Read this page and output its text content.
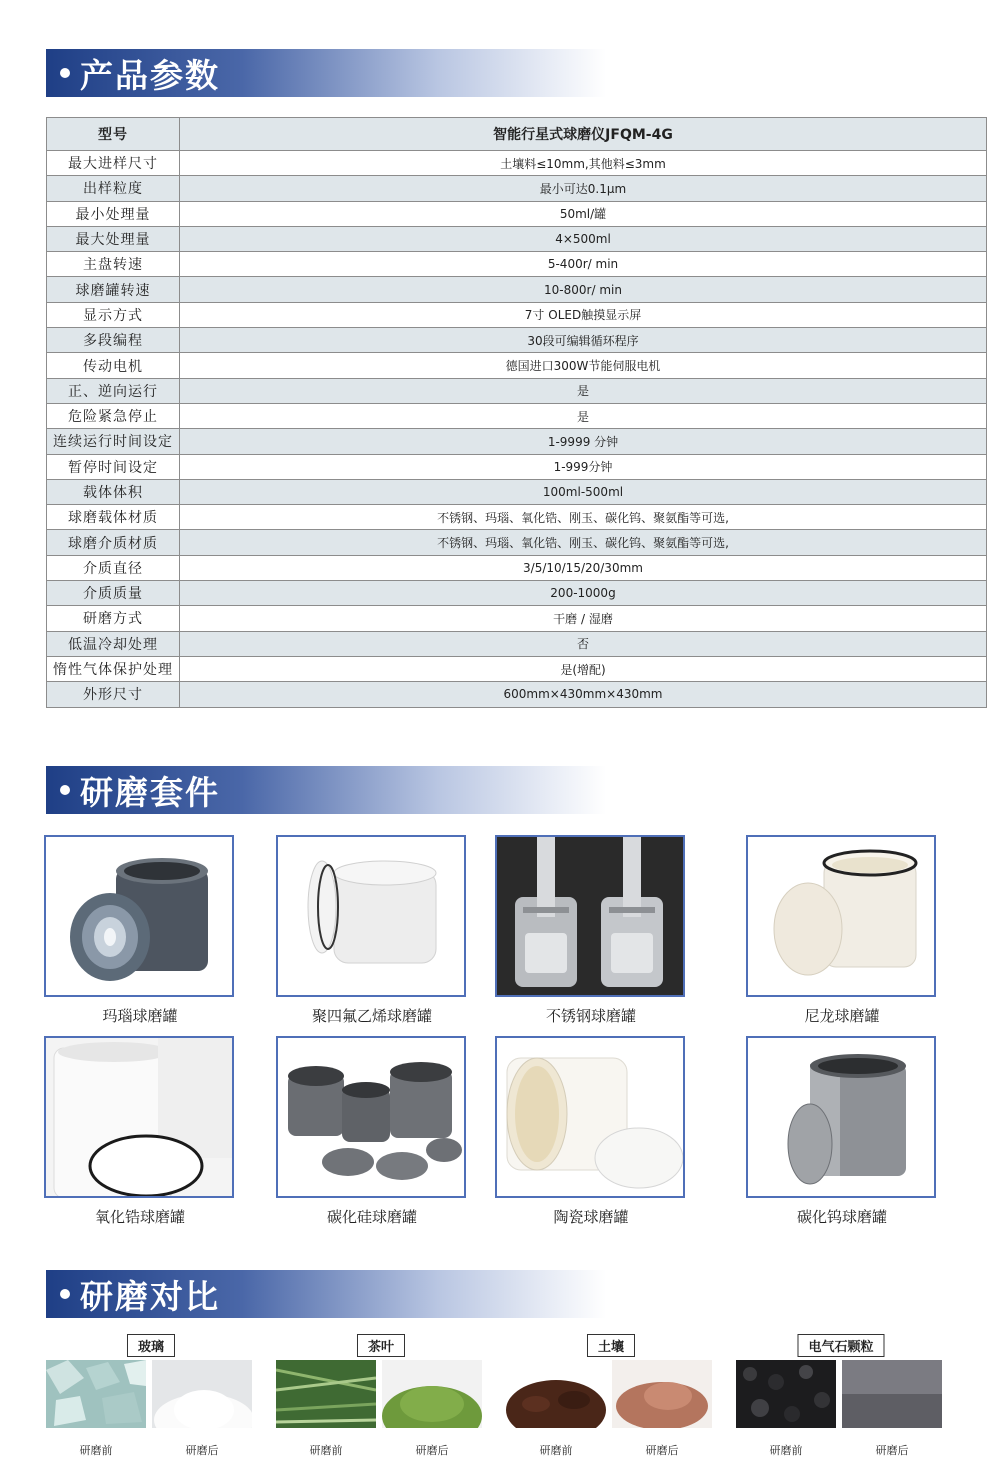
产品参数
型号	智能行星式球磨仪JFQM-4G
最大进样尺寸	土壤料≤10mm,其他料≤3mm
出样粒度	最小可达0.1μm
最小处理量	50ml/罐
最大处理量	4×500ml
主盘转速	5-400r/ min
球磨罐转速	10-800r/ min
显示方式	7寸 OLED触摸显示屏
多段编程	30段可编辑循环程序
传动电机	德国进口300W节能伺服电机
正、逆向运行	是
危险紧急停止	是
连续运行时间设定	1-9999 分钟
暂停时间设定	1-999分钟
载体体积	100ml-500ml
球磨载体材质	不锈钢、玛瑙、氧化锆、刚玉、碳化钨、聚氨酯等可选,
球磨介质材质	不锈钢、玛瑙、氧化锆、刚玉、碳化钨、聚氨酯等可选,
介质直径	3/5/10/15/20/30mm
介质质量	200-1000g
研磨方式	干磨 / 湿磨
低温冷却处理	否
惰性气体保护处理	是(增配)
外形尺寸	600mm×430mm×430mm
研磨套件
玛瑙球磨罐	聚四氟乙烯球磨罐	不锈钢球磨罐	尼龙球磨罐
氧化锆球磨罐	碳化硅球磨罐	陶瓷球磨罐	碳化钨球磨罐
研磨对比
玻璃
研磨前	研磨后
茶叶
研磨前	研磨后
土壤
研磨前	研磨后
电气石颗粒
研磨前	研磨后
